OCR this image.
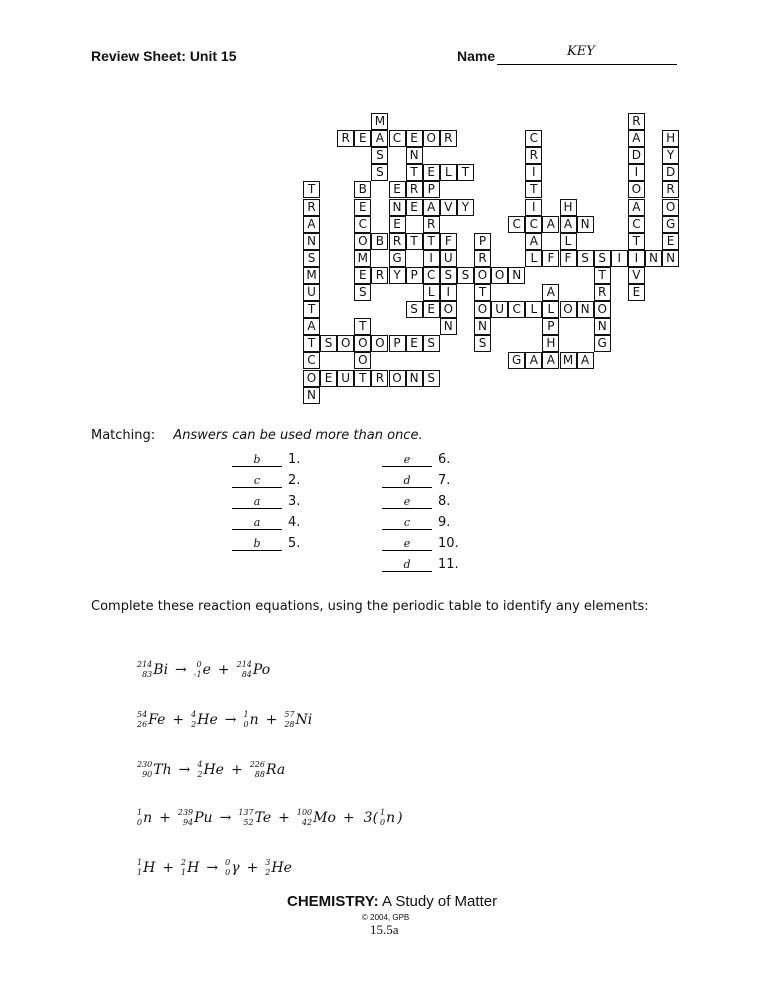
Review Sheet: Unit 15	Name	KEY
R E A C E O R
T E L T
N E A V Y
C C A A N
B R T T
F F S S I	I N
R Y P C S S O O N
S E O	O U C L L O N O
T S O O O P E S
G A A M A
O E U T R O N S
M
S
S
R
A
D
I
O
A
C
T
V
E
H
Y
D
R
O
G
E
N
C
R
I
T
I
A
L
T
R
A
N
S
M
U
T
A
C
N
B
E
C
O
M
E
S
H
L
P
R
T
N
S
T
R
N
G
A
P
H
F
U
I
N
N
R P
R
I
L
E
E
G
T
O
Matching: Answers can be used more than once.
b 1.
c 2.
a 3.
a 4.
b 5.
e 6.
d 7.
e 8.
c 9.
e 10.
d 11.
Complete these reaction equations, using the periodic table to identify any elements:
214
83 Bi → 0
-1 e + 214
84 Po
54
26 Fe + 4
2 He → 1
0 n + 57
28 Ni
230
90 Th → 4
2 He + 226
88 Ra
1
0 n + 239
94 Pu → 137
52 Te + 100
42 Mo + 3( 1
0 n )
1
1 H + 2
1 H → 0
0 γ + 3
2 He
CHEMISTRY: A Study of Matter
© 2004, GPB
15.5a
